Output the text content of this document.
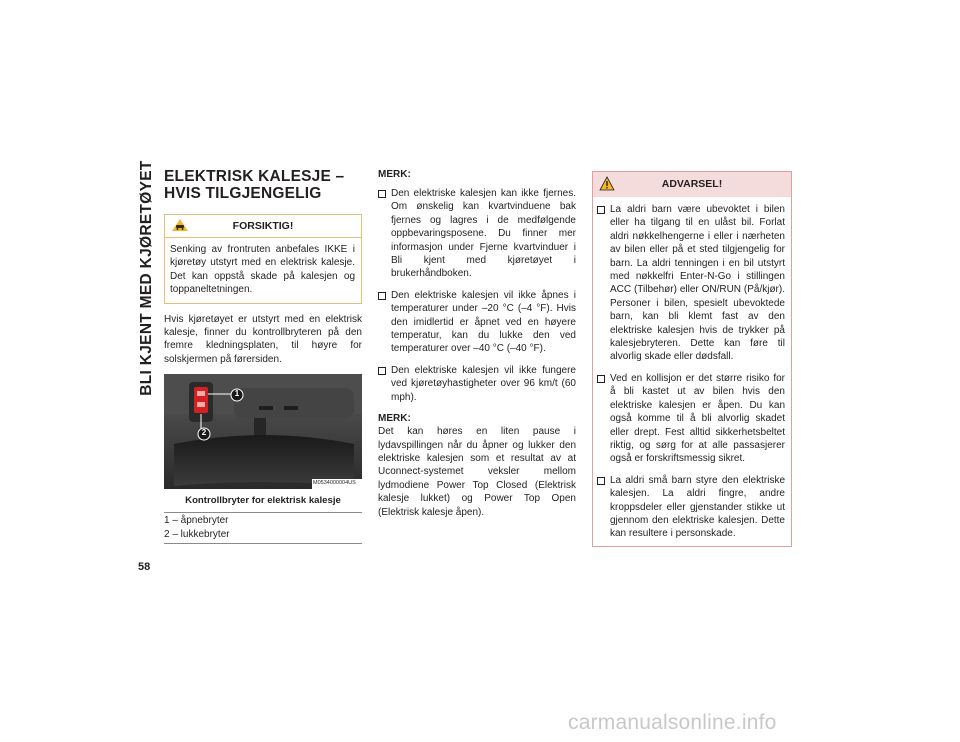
BLI KJENT MED KJØRETØYET
58
ELEKTRISK KALESJE – HVIS TILGJENGELIG
FORSIKTIG!
Senking av frontruten anbefales IKKE i kjøretøy utstyrt med en elektrisk kalesje. Det kan oppstå skade på kalesjen og toppaneltetningen.

Hvis kjøretøyet er utstyrt med en elektrisk kalesje, finner du kontrollbryteren på den fremre kledningsplaten, til høyre for solskjermen på førersiden.

1
2
M0534000004US
Kontrollbryter for elektrisk kalesje
1 – åpnebryter
2 – lukkebryter
MERK:
Den elektriske kalesjen kan ikke fjernes. Om ønskelig kan kvartvinduene bak fjernes og lagres i de medfølgende oppbevaringsposene. Du finner mer informasjon under Fjerne kvartvinduer i Bli kjent med kjøretøyet i brukerhåndboken.
Den elektriske kalesjen vil ikke åpnes i temperaturer under –20 °C (–4 °F). Hvis den imidlertid er åpnet ved en høyere temperatur, kan du lukke den ved temperaturer over –40 °C (–40 °F).
Den elektriske kalesjen vil ikke fungere ved kjøretøyhastigheter over 96 km/t (60 mph).
MERK:
Det kan høres en liten pause i lydavspillingen når du åpner og lukker den elektriske kalesjen som et resultat av at Uconnect-systemet veksler mellom lydmodiene Power Top Closed (Elektrisk kalesje lukket) og Power Top Open (Elektrisk kalesje åpen).
ADVARSEL!
La aldri barn være ubevoktet i bilen eller ha tilgang til en ulåst bil. Forlat aldri nøkkelhengerne i eller i nærheten av bilen eller på et sted tilgjengelig for barn. La aldri tenningen i en bil utstyrt med nøkkelfri Enter-N-Go i stillingen ACC (Tilbehør) eller ON/RUN (På/kjør). Personer i bilen, spesielt ubevoktede barn, kan bli klemt fast av den elektriske kalesjen hvis de trykker på kalesjebryteren. Dette kan føre til alvorlig skade eller dødsfall.
Ved en kollisjon er det større risiko for å bli kastet ut av bilen hvis den elektriske kalesjen er åpen. Du kan også komme til å bli alvorlig skadet eller drept. Fest alltid sikkerhetsbeltet riktig, og sørg for at alle passasjerer også er forskriftsmessig sikret.
La aldri små barn styre den elektriske kalesjen. La aldri fingre, andre kroppsdeler eller gjenstander stikke ut gjennom den elektriske kalesjen. Dette kan resultere i personskade.
carmanualsonline.info
